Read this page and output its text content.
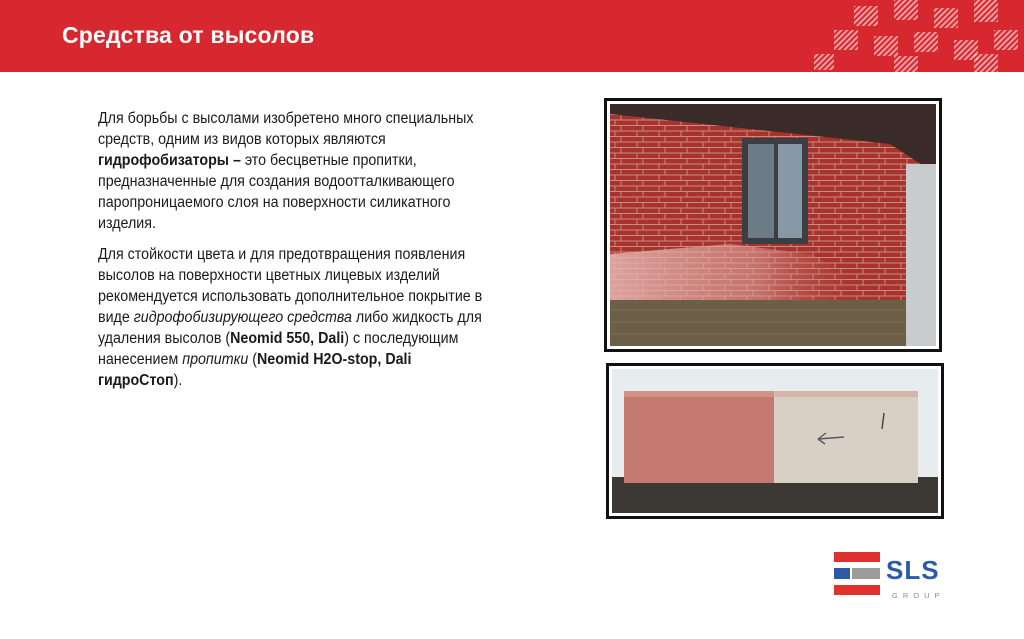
Средства от высолов

Для борьбы с высолами изобретено много специальных средств, одним из видов которых являются гидрофобизаторы – это бесцветные пропитки, предназначенные для создания водоотталкивающего паропроницаемого слоя на поверхности силикатного изделия.

Для стойкости цвета и для предотвращения появления высолов на поверхности цветных лицевых изделий рекомендуется использовать дополнительное покрытие в виде гидрофобизирующего средства либо жидкость для удаления высолов (Neomid 550, Dali) с последующим нанесением пропитки (Neomid H2O-stop, Dali гидроСтоп).

SLS
GROUP
